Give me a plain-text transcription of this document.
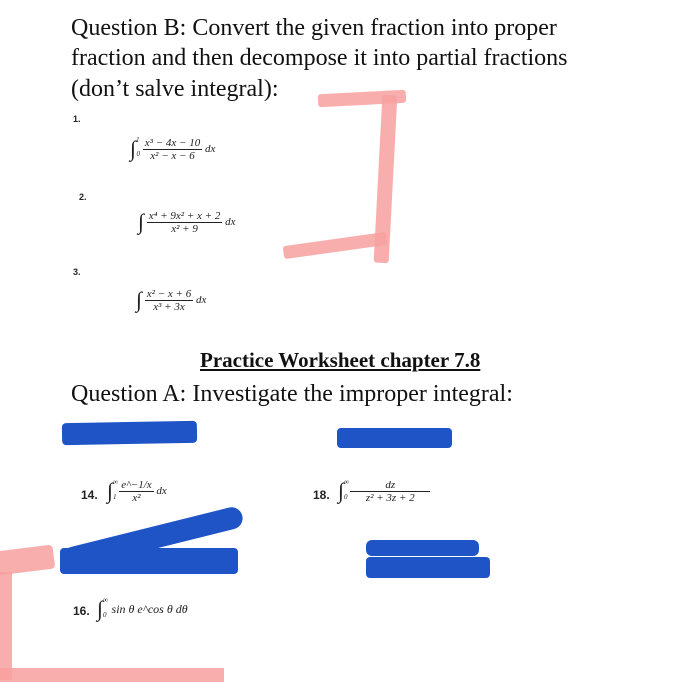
Question B: Convert the given fraction into proper
fraction and then decompose it into partial fractions
(don’t salve integral):
1.
$\int^1_0 \frac{\text{x³ − 4x − 10}}{\text{x² − x − 6}}$ dx
2.
∫ $\frac{\text{x⁴ + 9x² + x + 2}}{\text{x² + 9}}$ dx
3.
∫ $\frac{\text{x² − x + 6}}{\text{x³ + 3x}}$ dx
Practice Worksheet chapter 7.8
Question A: Investigate the improper integral:
14. $\int^\infty_1 \frac{e\^{}-1/x}{\text{x²}}$ dx	18. $\int^\infty_0 \frac{dz}{\text{z² + 3z + 2}}$
16. $\int^\infty_0$ sin θ e^cos θ dθ
